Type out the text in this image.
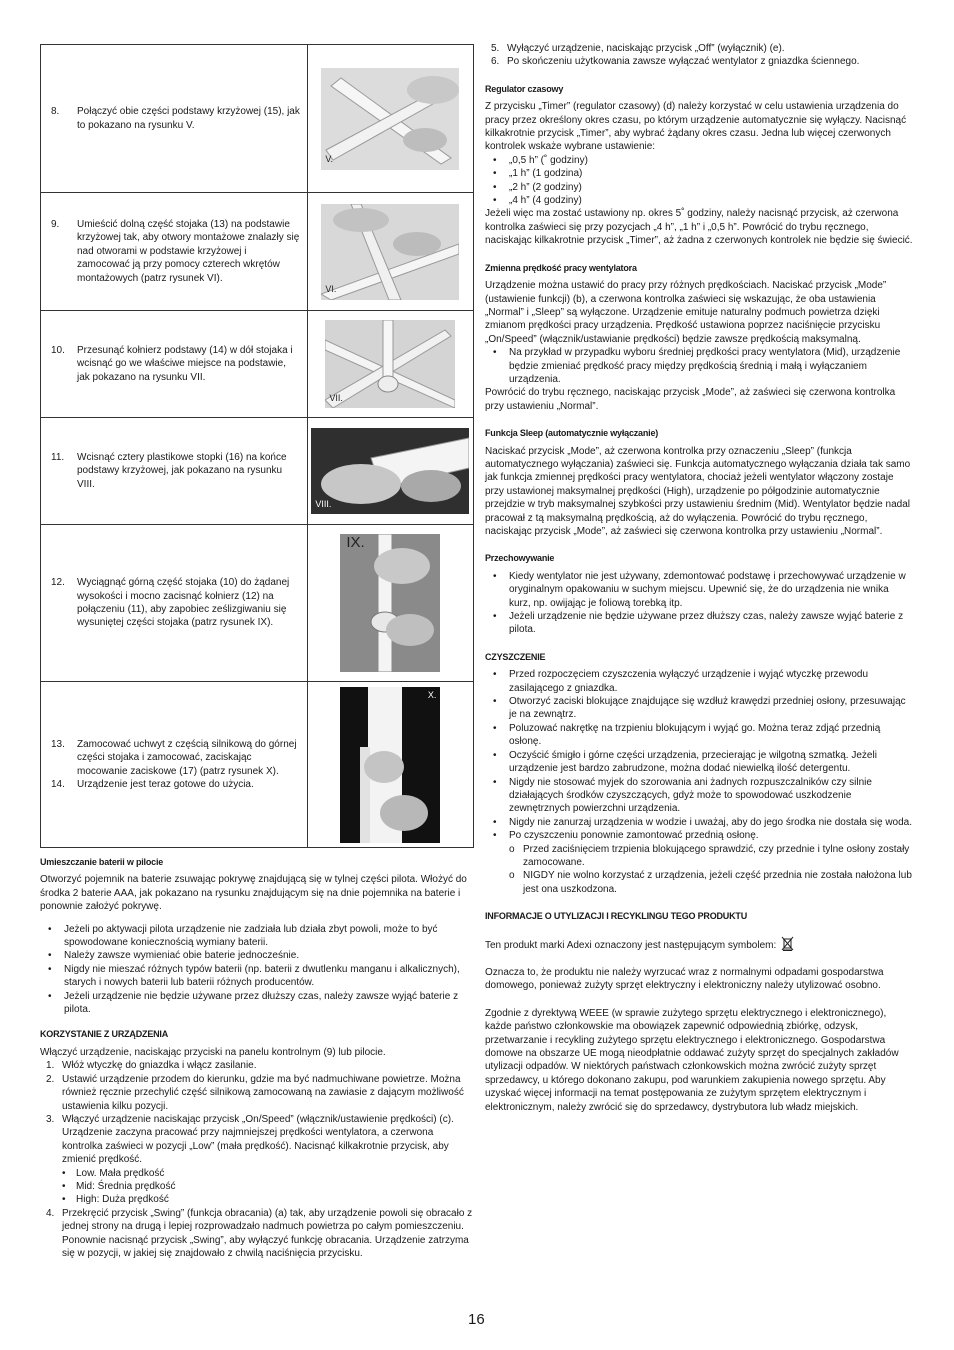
8. Połączyć obie części podstawy krzyżowej (15), jak to pokazano na rysunku V.	V.

9. Umieścić dolną część stojaka (13) na podstawie krzyżowej tak, aby otwory montażowe znalazły się nad otworami w podstawie krzyżowej i zamocować ją przy pomocy czterech wkrętów montażowych (patrz rysunek VI).	VI.

10. Przesunąć kołnierz podstawy (14) w dół stojaka i wcisnąć go we właściwe miejsce na podstawie, jak pokazano na rysunku VII.	VII.

11. Wcisnąć cztery plastikowe stopki (16) na końce podstawy krzyżowej, jak pokazano na rysunku VIII.	VIII.

12. Wyciągnąć górną część stojaka (10) do żądanej wysokości i mocno zacisnąć kołnierz (12) na połączeniu (11), aby zapobiec ześlizgiwaniu się wysuniętej części stojaka (patrz rysunek IX).	IX.

13. Zamocować uchwyt z częścią silnikową do górnej części stojaka i zamocować, zaciskając mocowanie zaciskowe (17) (patrz rysunek X).
14. Urządzenie jest teraz gotowe do użycia.	X.
Umieszczanie baterii w pilocie

Otworzyć pojemnik na baterie zsuwając pokrywę znajdującą się w tylnej części pilota. Włożyć do środka 2 baterie AAA, jak pokazano na rysunku znajdującym się na dnie pojemnika na baterie i ponownie założyć pokrywę.

• Jeżeli po aktywacji pilota urządzenie nie zadziała lub działa zbyt powoli, może to być spowodowane koniecznością wymiany baterii.
• Należy zawsze wymieniać obie baterie jednocześnie.
• Nigdy nie mieszać różnych typów baterii (np. baterii z dwutlenku manganu i alkalicznych), starych i nowych baterii lub baterii różnych producentów.
• Jeżeli urządzenie nie będzie używane przez dłuższy czas, należy zawsze wyjąć baterie z pilota.
KORZYSTANIE Z URZĄDZENIA

Włączyć urządzenie, naciskając przyciski na panelu kontrolnym (9) lub pilocie.

1. Włóż wtyczkę do gniazdka i włącz zasilanie.
2. Ustawić urządzenie przodem do kierunku, gdzie ma być nadmuchiwane powietrze. Można również ręcznie przechylić część silnikową zamocowaną na zawiasie z dającym możliwość ustawienia kilku pozycji.
3. Włączyć urządzenie naciskając przycisk „On/Speed” (włącznik/ustawienie prędkości) (c). Urządzenie zaczyna pracować przy najmniejszej prędkości wentylatora, a czerwona kontrolka zaświeci w pozycji „Low” (mała prędkość). Nacisnąć kilkakrotnie przycisk, aby zmienić prędkość.
• Low. Mała prędkość
• Mid: Średnia prędkość
• High: Duża prędkość
4. Przekręcić przycisk „Swing” (funkcja obracania) (a) tak, aby urządzenie powoli się obracało z jednej strony na drugą i lepiej rozprowadzało nadmuch powietrza po całym pomieszczeniu. Ponownie nacisnąć przycisk „Swing”, aby wyłączyć funkcję obracania. Urządzenie zatrzyma się w pozycji, w jakiej się znajdowało z chwilą naciśnięcia przycisku.
5. Wyłączyć urządzenie, naciskając przycisk „Off” (wyłącznik) (e).
6. Po skończeniu użytkowania zawsze wyłączać wentylator z gniazdka ściennego.
Regulator czasowy

Z przycisku „Timer” (regulator czasowy) (d) należy korzystać w celu ustawienia urządzenia do pracy przez określony okres czasu, po którym urządzenie automatycznie się wyłączy. Nacisnąć kilkakrotnie przycisk „Timer”, aby wybrać żądany okres czasu. Jedna lub więcej czerwonych kontrolek wskaże wybrane ustawienie:

• „0,5 h” (˚ godziny)
• „1 h” (1 godzina)
• „2 h” (2 godziny)
• „4 h” (4 godziny)

Jeżeli więc ma zostać ustawiony np. okres 5˚ godziny, należy nacisnąć przycisk, aż czerwona kontrolka zaświeci się przy pozycjach „4 h”, „1 h” i „0,5 h”. Powrócić do trybu ręcznego, naciskając kilkakrotnie przycisk „Timer”, aż żadna z czerwonych kontrolek nie będzie się świecić.

Zmienna prędkość pracy wentylatora

Urządzenie można ustawić do pracy przy różnych prędkościach. Naciskać przycisk „Mode” (ustawienie funkcji) (b), a czerwona kontrolka zaświeci się wskazując, że oba ustawienia „Normal” i „Sleep” są wyłączone. Urządzenie emituje naturalny podmuch powietrza dzięki zmianom prędkości pracy urządzenia. Prędkość ustawiona poprzez naciśnięcie przycisku „On/Speed” (włącznik/ustawianie prędkości) będzie zawsze prędkością maksymalną.

• Na przykład w przypadku wyboru średniej prędkości pracy wentylatora (Mid), urządzenie będzie zmieniać prędkość pracy między prędkością średnią i małą i wyłączaniem urządzenia.

Powrócić do trybu ręcznego, naciskając przycisk „Mode”, aż zaświeci się czerwona kontrolka przy ustawieniu „Normal”.

Funkcja Sleep (automatycznie wyłączanie)

Naciskać przycisk „Mode”, aż czerwona kontrolka przy oznaczeniu „Sleep” (funkcja automatycznego wyłączania) zaświeci się. Funkcja automatycznego wyłączania działa tak samo jak funkcja zmiennej prędkości pracy wentylatora, chociaż jeżeli wentylator włączony zostaje przy ustawionej maksymalnej prędkości (High), urządzenie po półgodzinie automatycznie przejdzie w tryb maksymalnej szybkości przy ustawieniu średnim (Mid). Wentylator będzie nadal pracował z tą maksymalną prędkością, aż do wyłączenia. Powrócić do trybu ręcznego, naciskając przycisk „Mode”, aż zaświeci się czerwona kontrolka przy ustawieniu „Normal”.

Przechowywanie
• Kiedy wentylator nie jest używany, zdemontować podstawę i przechowywać urządzenie w oryginalnym opakowaniu w suchym miejscu. Upewnić się, że do urządzenia nie wnika kurz, np. owijając je foliową torebką itp.
• Jeżeli urządzenie nie będzie używane przez dłuższy czas, należy zawsze wyjąć baterie z pilota.
CZYSZCZENIE
• Przed rozpoczęciem czyszczenia wyłączyć urządzenie i wyjąć wtyczkę przewodu zasilającego z gniazdka.
• Otworzyć zaciski blokujące znajdujące się wzdłuż krawędzi przedniej osłony, przesuwając je na zewnątrz.
• Poluzować nakrętkę na trzpieniu blokującym i wyjąć go. Można teraz zdjąć przednią osłonę.
• Oczyścić śmigło i górne części urządzenia, przecierając je wilgotną szmatką. Jeżeli urządzenie jest bardzo zabrudzone, można dodać niewielką ilość detergentu.
• Nigdy nie stosować myjek do szorowania ani żadnych rozpuszczalników czy silnie działających środków czyszczących, gdyż może to spowodować uszkodzenie zewnętrznych powierzchni urządzenia.
• Nigdy nie zanurzaj urządzenia w wodzie i uważaj, aby do jego środka nie dostała się woda.
• Po czyszczeniu ponownie zamontować przednią osłonę.
o Przed zaciśnięciem trzpienia blokującego sprawdzić, czy przednie i tylne osłony zostały zamocowane.
o NIGDY nie wolno korzystać z urządzenia, jeżeli część przednia nie została nałożona lub jest ona uszkodzona.
INFORMACJE O UTYLIZACJI I RECYKLINGU TEGO PRODUKTU

Ten produkt marki Adexi oznaczony jest następującym symbolem:

Oznacza to, że produktu nie należy wyrzucać wraz z normalnymi odpadami gospodarstwa domowego, ponieważ zużyty sprzęt elektryczny i elektroniczny należy utylizować osobno.

Zgodnie z dyrektywą WEEE (w sprawie zużytego sprzętu elektrycznego i elektronicznego), każde państwo członkowskie ma obowiązek zapewnić odpowiednią zbiórkę, odzysk, przetwarzanie i recykling zużytego sprzętu elektrycznego i elektronicznego. Gospodarstwa domowe na obszarze UE mogą nieodpłatnie oddawać zużyty sprzęt do specjalnych zakładów utylizacji odpadów. W niektórych państwach członkowskich można zwrócić zużyty sprzęt sprzedawcy, u którego dokonano zakupu, pod warunkiem zakupienia nowego sprzętu. Aby uzyskać więcej informacji na temat postępowania ze zużytym sprzętem elektrycznym i elektronicznym, należy zwrócić się do sprzedawcy, dystrybutora lub władz miejskich.

16
